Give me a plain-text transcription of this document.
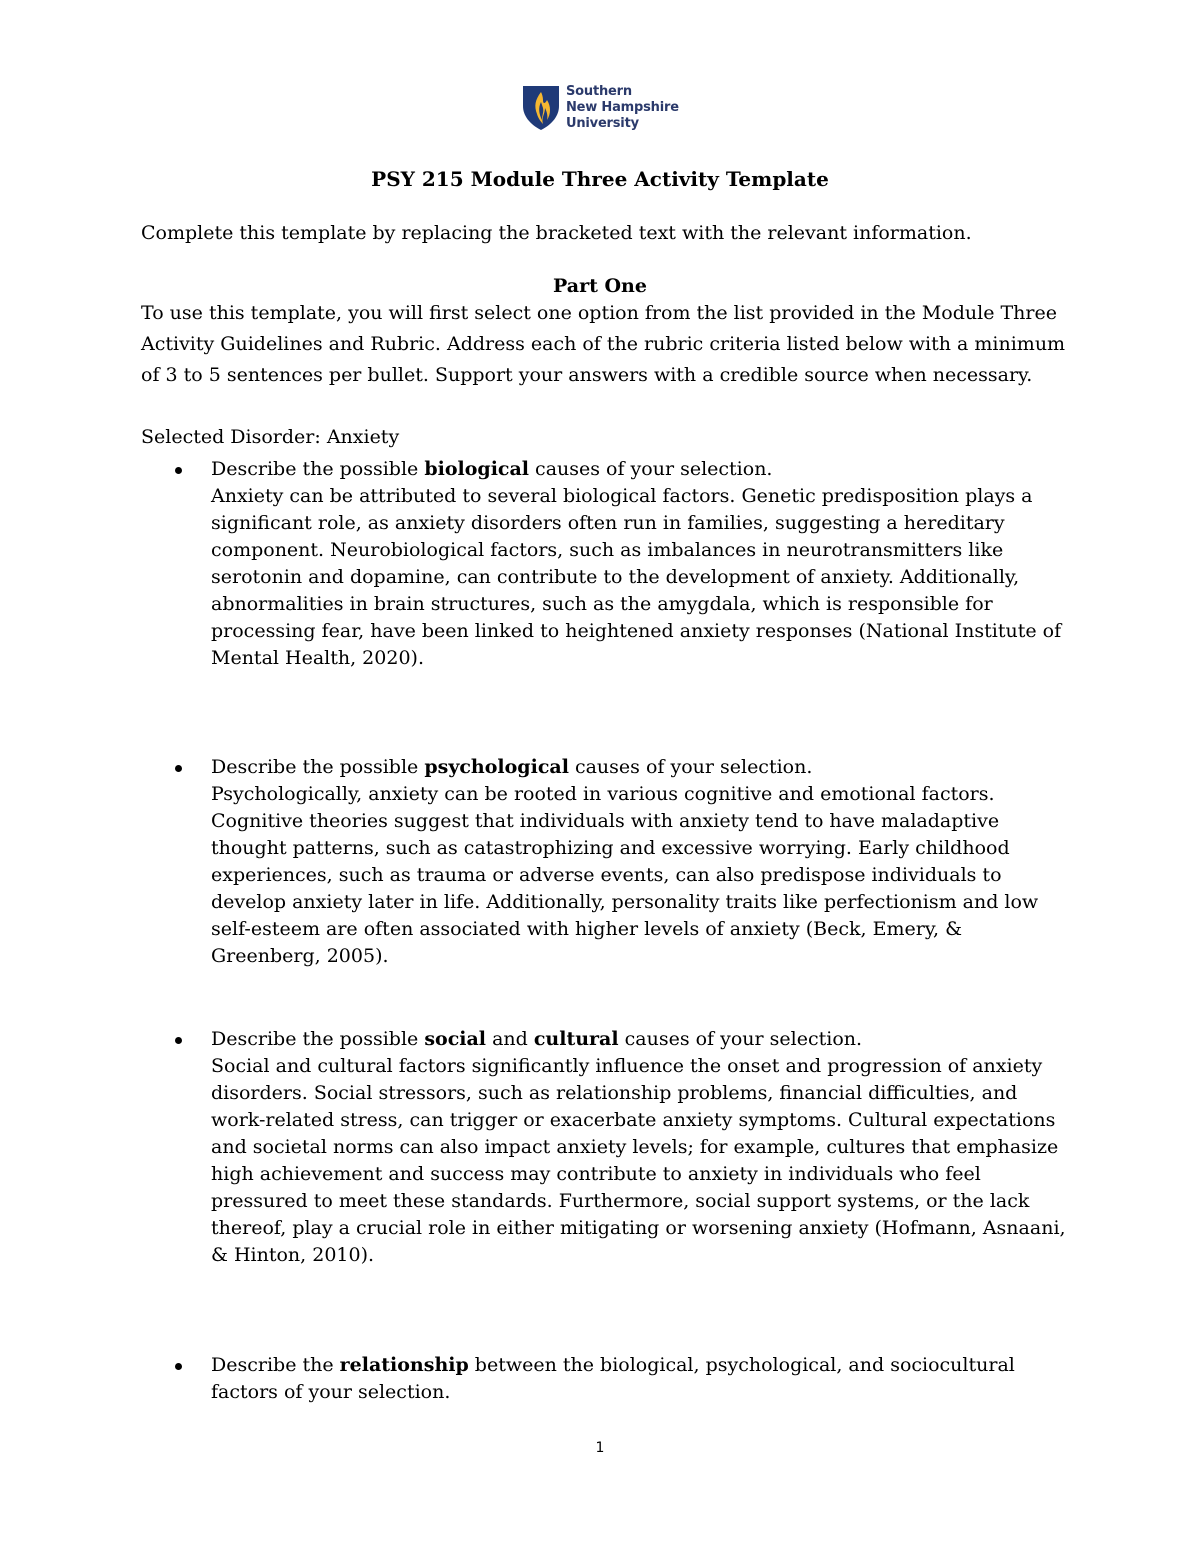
Southern
New Hampshire
University
PSY 215 Module Three Activity Template
Complete this template by replacing the bracketed text with the relevant information.
Part One
To use this template, you will first select one option from the list provided in the Module Three Activity Guidelines and Rubric. Address each of the rubric criteria listed below with a minimum of 3 to 5 sentences per bullet. Support your answers with a credible source when necessary.
Selected Disorder: Anxiety
Describe the possible biological causes of your selection.
Anxiety can be attributed to several biological factors. Genetic predisposition plays a significant role, as anxiety disorders often run in families, suggesting a hereditary component. Neurobiological factors, such as imbalances in neurotransmitters like serotonin and dopamine, can contribute to the development of anxiety. Additionally, abnormalities in brain structures, such as the amygdala, which is responsible for processing fear, have been linked to heightened anxiety responses (National Institute of Mental Health, 2020).
Describe the possible psychological causes of your selection.
Psychologically, anxiety can be rooted in various cognitive and emotional factors. Cognitive theories suggest that individuals with anxiety tend to have maladaptive thought patterns, such as catastrophizing and excessive worrying. Early childhood experiences, such as trauma or adverse events, can also predispose individuals to develop anxiety later in life. Additionally, personality traits like perfectionism and low self-esteem are often associated with higher levels of anxiety (Beck, Emery, & Greenberg, 2005).
Describe the possible social and cultural causes of your selection.
Social and cultural factors significantly influence the onset and progression of anxiety disorders. Social stressors, such as relationship problems, financial difficulties, and work-related stress, can trigger or exacerbate anxiety symptoms. Cultural expectations and societal norms can also impact anxiety levels; for example, cultures that emphasize high achievement and success may contribute to anxiety in individuals who feel pressured to meet these standards. Furthermore, social support systems, or the lack thereof, play a crucial role in either mitigating or worsening anxiety (Hofmann, Asnaani, & Hinton, 2010).
Describe the relationship between the biological, psychological, and sociocultural factors of your selection.
1
